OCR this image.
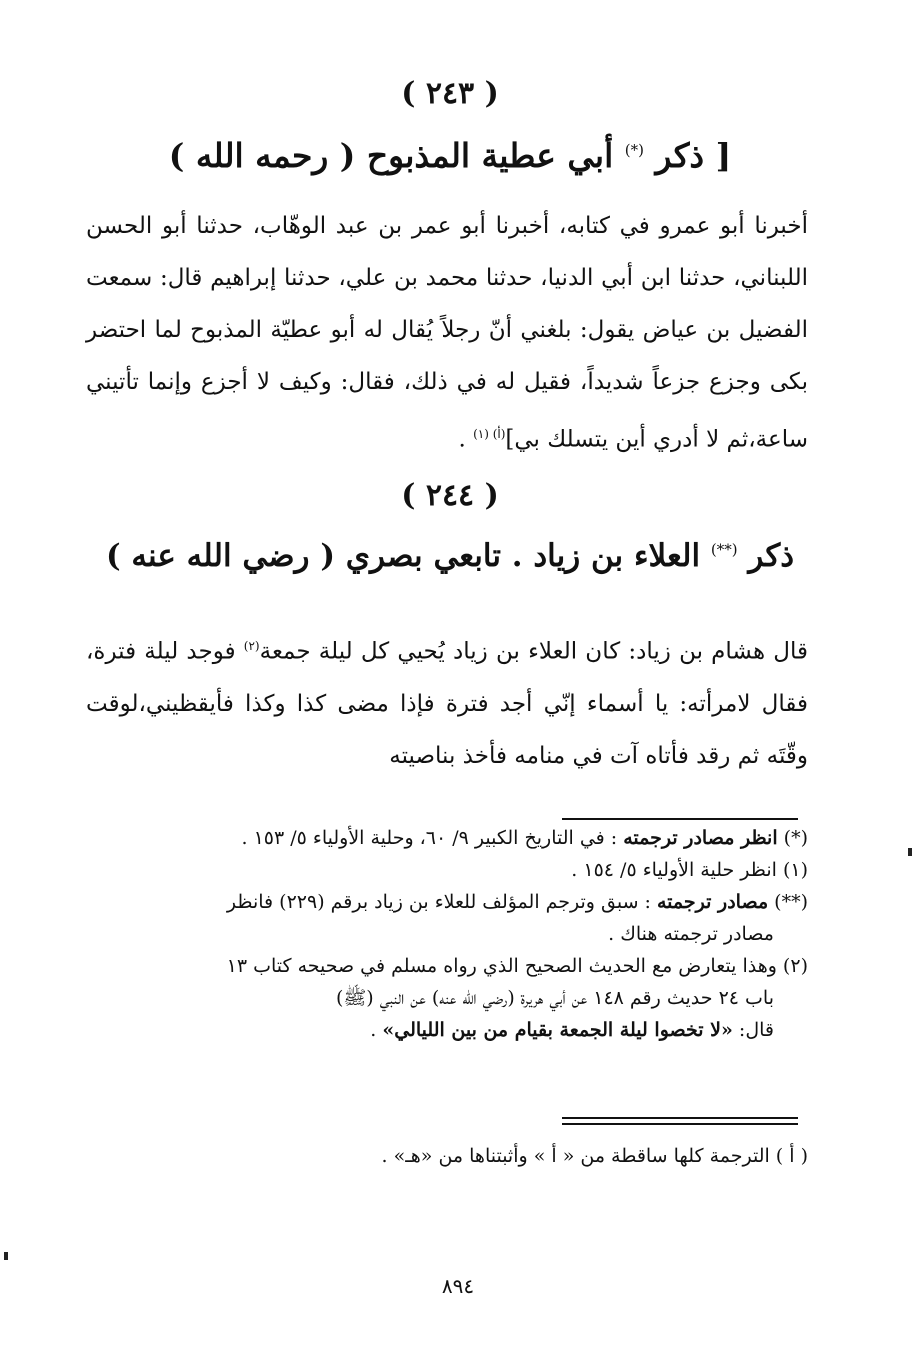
( ٢٤٣ )
[ ذكر (*) أبي عطية المذبوح ( رحمه الله )

أخبرنا أبو عمرو في كتابه، أخبرنا أبو عمر بن عبد الوهّاب، حدثنا أبو الحسن اللبناني، حدثنا ابن أبي الدنيا، حدثنا محمد بن علي، حدثنا إبراهيم قال: سمعت الفضيل بن عياض يقول: بلغني أنّ رجلاً يُقال له أبو عطيّة المذبوح لما احتضر بكى وجزع جزعاً شديداً، فقيل له في ذلك، فقال: وكيف لا أجزع وإنما تأتيني ساعة،ثم لا أدري أين يتسلك بي]$^{(أ) (١)}$ .

( ٢٤٤ )
ذكر (**) العلاء بن زياد . تابعي بصري ( رضي الله عنه )

قال هشام بن زياد: كان العلاء بن زياد يُحيي كل ليلة جمعة$^{(٢)}$ فوجد ليلة فترة، فقال لامرأته: يا أسماء إنّي أجد فترة فإذا مضى كذا وكذا فأيقظيني،لوقت وقّتَه ثم رقد فأتاه آت في منامه فأخذ بناصيته

(*) انظر مصادر ترجمته : في التاريخ الكبير ٩/ ٦٠، وحلية الأولياء ٥/ ١٥٣ .

(١) انظر حلية الأولياء ٥/ ١٥٤ .

(**) مصادر ترجمته : سبق وترجم المؤلف للعلاء بن زياد برقم (٢٢٩) فانظر
مصادر ترجمته هناك .

(٢) وهذا يتعارض مع الحديث الصحيح الذي رواه مسلم في صحيحه كتاب ١٣
باب ٢٤ حديث رقم ١٤٨ عن أبي هريرة (رضي الله عنه) عن النبي (ﷺ)
قال: «لا تخصوا ليلة الجمعة بقيام من بين الليالي» .

( أ ) الترجمة كلها ساقطة من « أ » وأثبتناها من «هـ» .

٨٩٤
